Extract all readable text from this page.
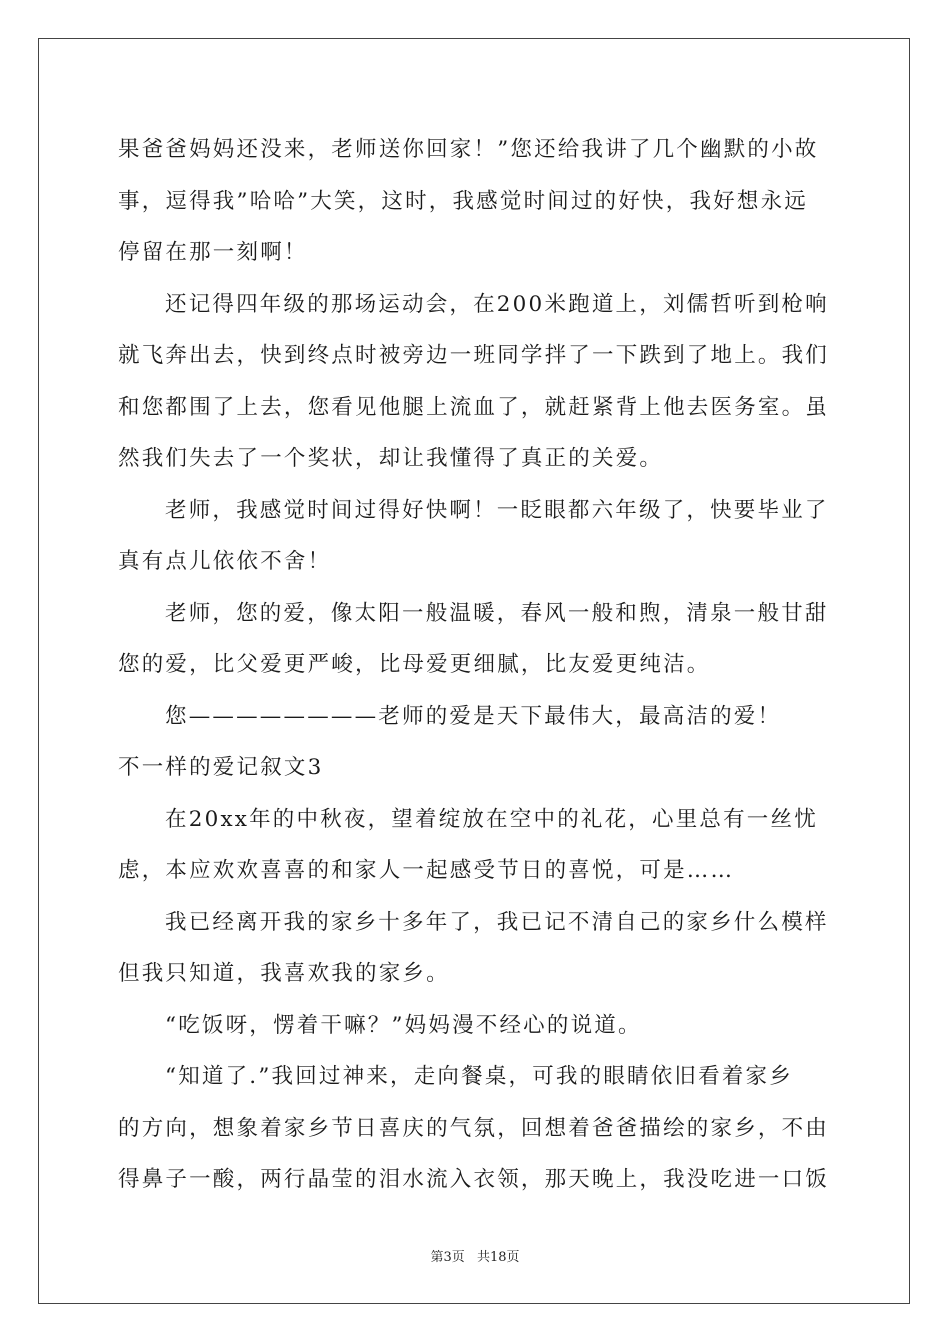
果爸爸妈妈还没来，老师送你回家！”您还给我讲了几个幽默的小故
事，逗得我”哈哈”大笑，这时，我感觉时间过的好快，我好想永远
停留在那一刻啊！
还记得四年级的那场运动会，在200米跑道上，刘儒哲听到枪响
就飞奔出去，快到终点时被旁边一班同学拌了一下跌到了地上。我们
和您都围了上去，您看见他腿上流血了，就赶紧背上他去医务室。虽
然我们失去了一个奖状，却让我懂得了真正的关爱。
老师，我感觉时间过得好快啊！一眨眼都六年级了，快要毕业了
真有点儿依依不舍！
老师，您的爱，像太阳一般温暖，春风一般和煦，清泉一般甘甜
您的爱，比父爱更严峻，比母爱更细腻，比友爱更纯洁。
您————————老师的爱是天下最伟大，最高洁的爱！
不一样的爱记叙文3
在20xx年的中秋夜，望着绽放在空中的礼花，心里总有一丝忧
虑，本应欢欢喜喜的和家人一起感受节日的喜悦，可是……
我已经离开我的家乡十多年了，我已记不清自己的家乡什么模样
但我只知道，我喜欢我的家乡。
“吃饭呀，愣着干嘛？”妈妈漫不经心的说道。
“知道了.”我回过神来，走向餐桌，可我的眼睛依旧看着家乡
的方向，想象着家乡节日喜庆的气氛，回想着爸爸描绘的家乡，不由
得鼻子一酸，两行晶莹的泪水流入衣领，那天晚上，我没吃进一口饭
第3页 共18页
